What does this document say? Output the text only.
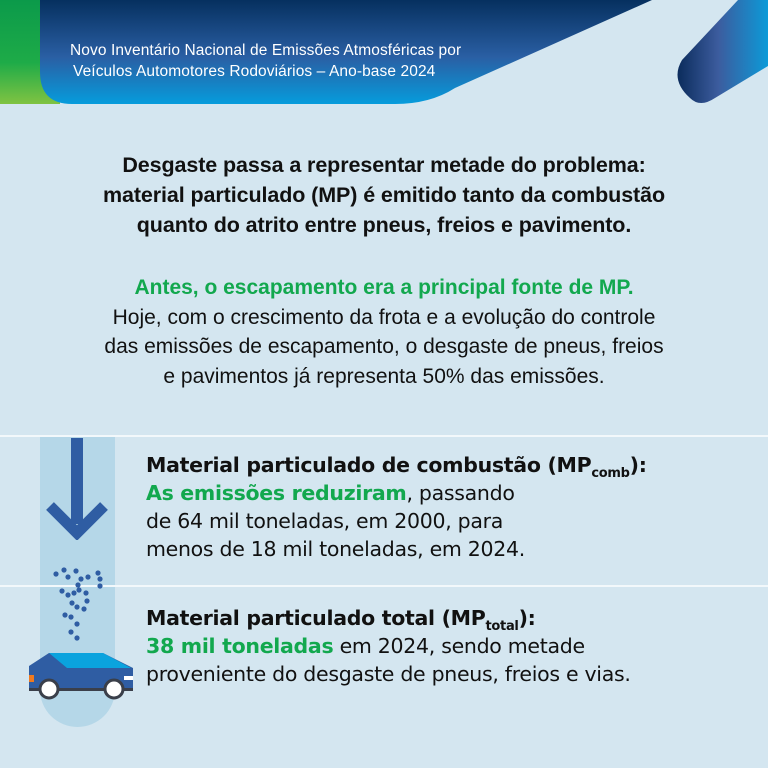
Novo Inventário Nacional de Emissões Atmosféricas por
Veículos Automotores Rodoviários – Ano-base 2024
Desgaste passa a representar metade do problema:
material particulado (MP) é emitido tanto da combustão
quanto do atrito entre pneus, freios e pavimento.
Antes, o escapamento era a principal fonte de MP.
Hoje, com o crescimento da frota e a evolução do controle
das emissões de escapamento, o desgaste de pneus, freios
e pavimentos já representa 50% das emissões.
Material particulado de combustão $(MP_{comb})$:
As emissões reduziram, passando
de 64 mil toneladas, em 2000, para
menos de 18 mil toneladas, em 2024.
Material particulado total $(MP_{total})$:
38 mil toneladas em 2024, sendo metade
proveniente do desgaste de pneus, freios e vias.
